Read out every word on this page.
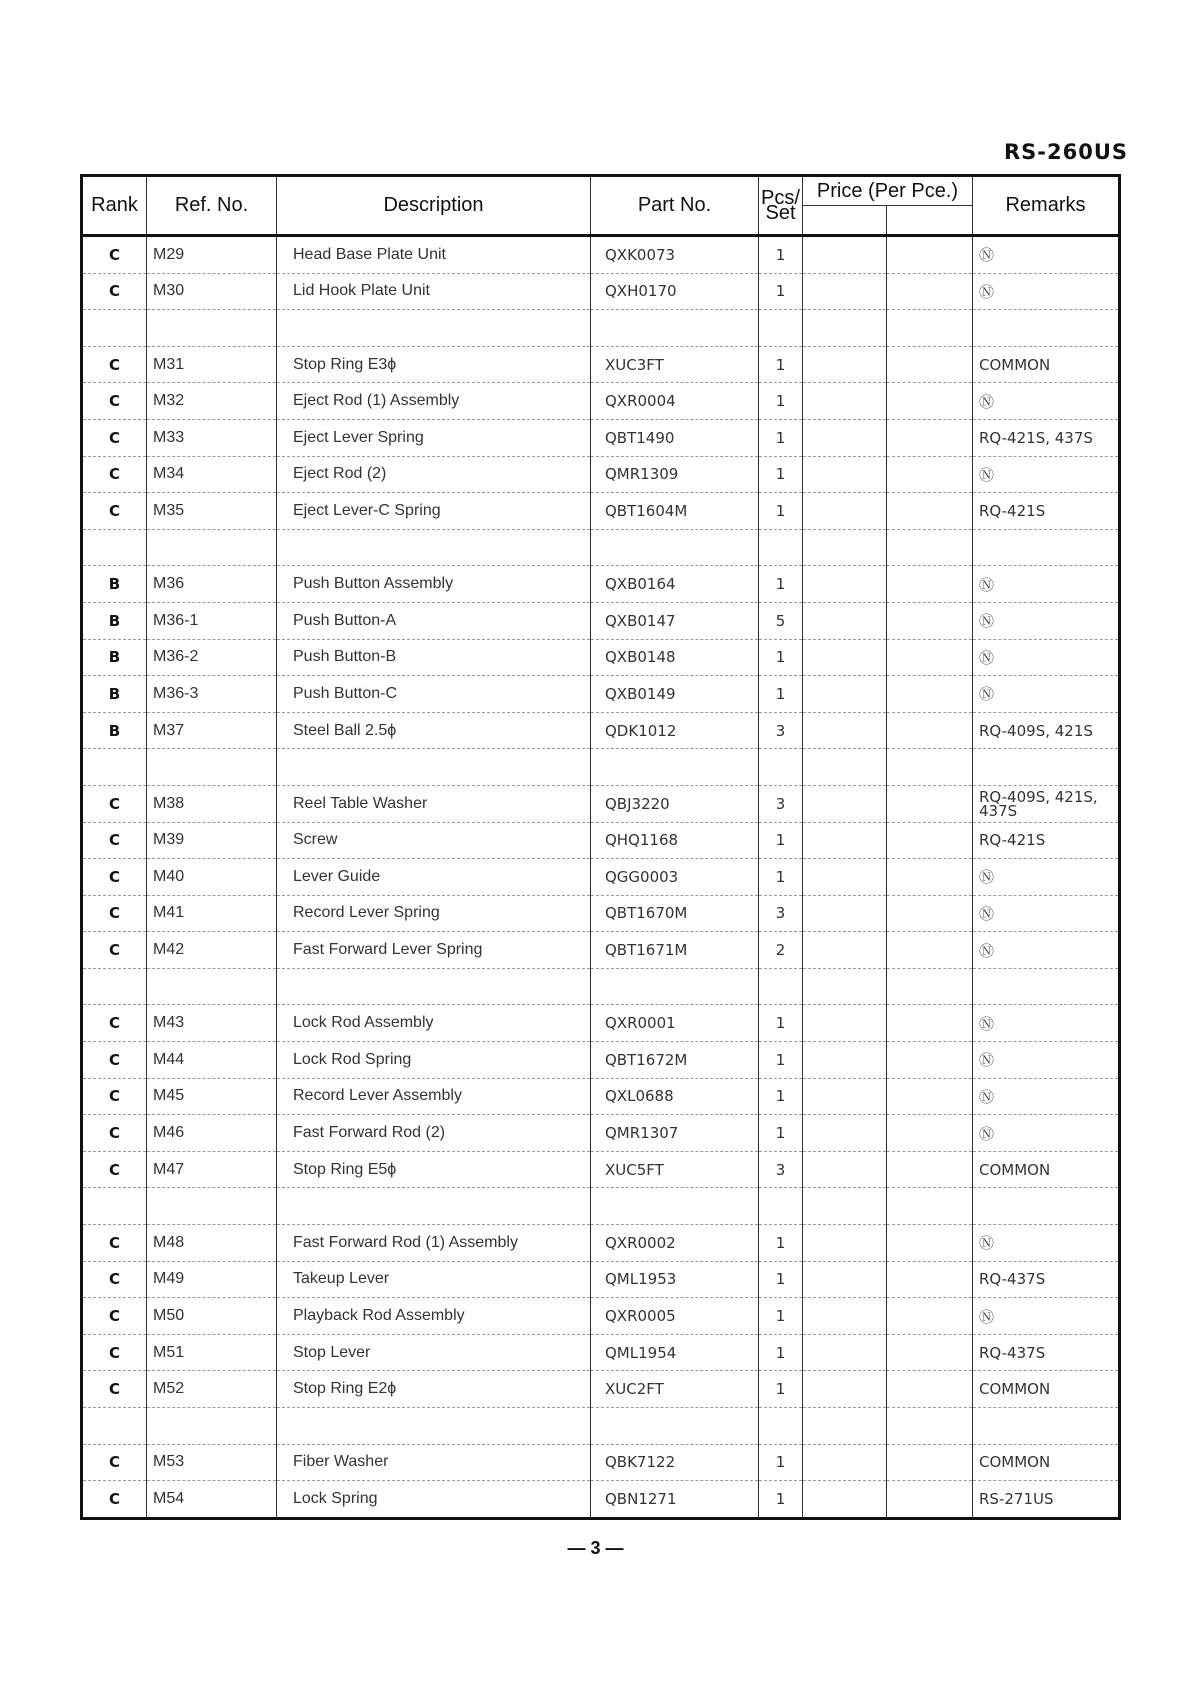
RS-260US
Rank	Ref. No.	Description	Part No.	Pcs/
Set	Price (Per Pce.)		Remarks

C	M29	Head Base Plate Unit	QXK0073	1			Ⓝ
C	M30	Lid Hook Plate Unit	QXH0170	1			Ⓝ

C	M31	Stop Ring E3ϕ	XUC3FT	1			COMMON
C	M32	Eject Rod (1) Assembly	QXR0004	1			Ⓝ
C	M33	Eject Lever Spring	QBT1490	1			RQ-421S, 437S
C	M34	Eject Rod (2)	QMR1309	1			Ⓝ
C	M35	Eject Lever-C Spring	QBT1604M	1			RQ-421S

B	M36	Push Button Assembly	QXB0164	1			Ⓝ
B	M36-1	Push Button-A	QXB0147	5			Ⓝ
B	M36-2	Push Button-B	QXB0148	1			Ⓝ
B	M36-3	Push Button-C	QXB0149	1			Ⓝ
B	M37	Steel Ball 2.5ϕ	QDK1012	3			RQ-409S, 421S

C	M38	Reel Table Washer	QBJ3220	3			RQ-409S, 421S, 437S
C	M39	Screw	QHQ1168	1			RQ-421S
C	M40	Lever Guide	QGG0003	1			Ⓝ
C	M41	Record Lever Spring	QBT1670M	3			Ⓝ
C	M42	Fast Forward Lever Spring	QBT1671M	2			Ⓝ

C	M43	Lock Rod Assembly	QXR0001	1			Ⓝ
C	M44	Lock Rod Spring	QBT1672M	1			Ⓝ
C	M45	Record Lever Assembly	QXL0688	1			Ⓝ
C	M46	Fast Forward Rod (2)	QMR1307	1			Ⓝ
C	M47	Stop Ring E5ϕ	XUC5FT	3			COMMON

C	M48	Fast Forward Rod (1) Assembly	QXR0002	1			Ⓝ
C	M49	Takeup Lever	QML1953	1			RQ-437S
C	M50	Playback Rod Assembly	QXR0005	1			Ⓝ
C	M51	Stop Lever	QML1954	1			RQ-437S
C	M52	Stop Ring E2ϕ	XUC2FT	1			COMMON

C	M53	Fiber Washer	QBK7122	1			COMMON
C	M54	Lock Spring	QBN1271	1			RS-271US
— 3 —
